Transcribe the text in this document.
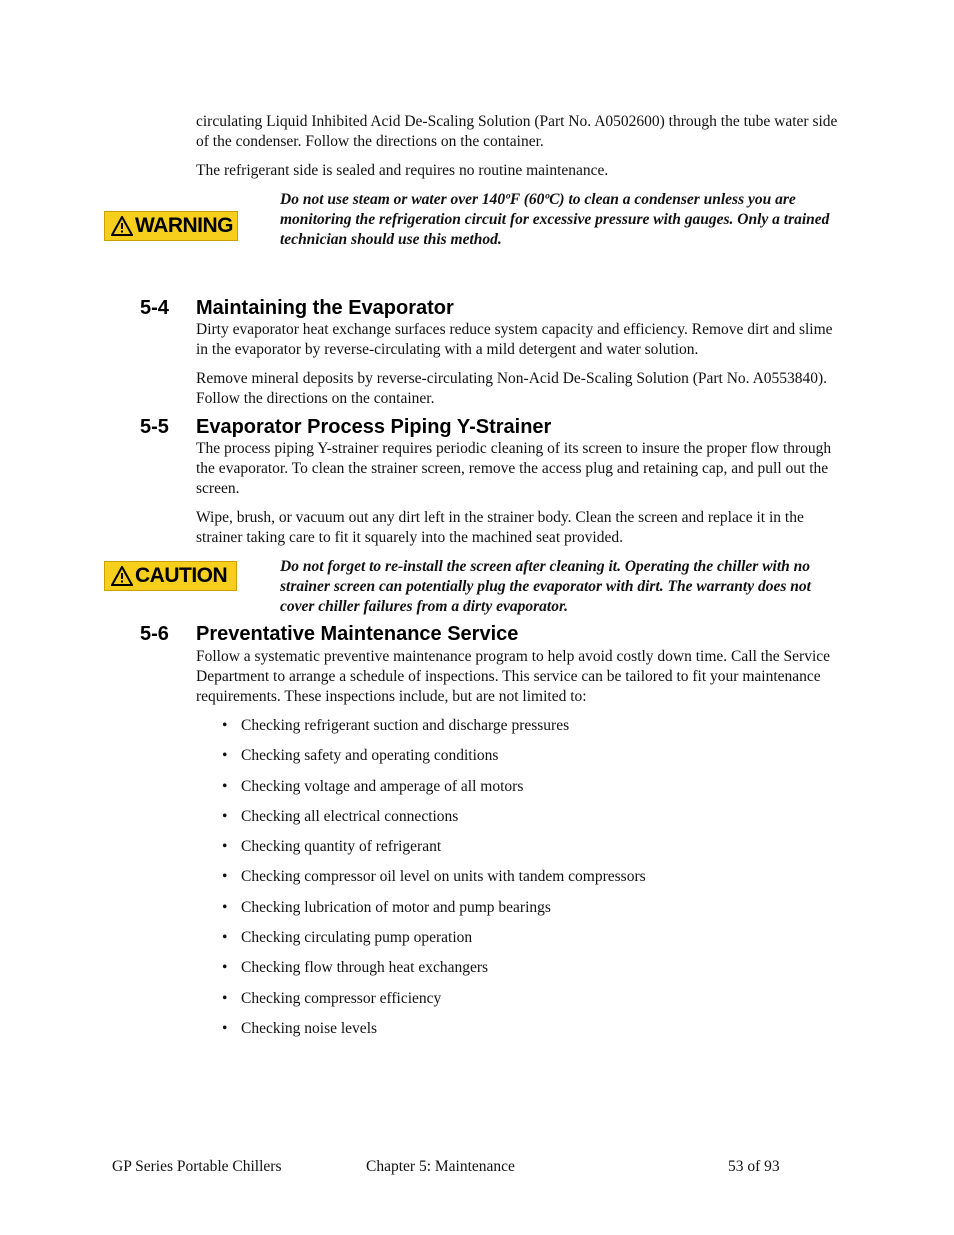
circulating Liquid Inhibited Acid De-Scaling Solution (Part No. A0502600) through the tube water side of the condenser. Follow the directions on the container.

The refrigerant side is sealed and requires no routine maintenance.

WARNING

Do not use steam or water over 140ºF (60ºC) to clean a condenser unless you are monitoring the refrigeration circuit for excessive pressure with gauges. Only a trained technician should use this method.

5-4 Maintaining the Evaporator

Dirty evaporator heat exchange surfaces reduce system capacity and efficiency. Remove dirt and slime in the evaporator by reverse-circulating with a mild detergent and water solution.

Remove mineral deposits by reverse-circulating Non-Acid De-Scaling Solution (Part No. A0553840). Follow the directions on the container.

5-5 Evaporator Process Piping Y-Strainer

The process piping Y-strainer requires periodic cleaning of its screen to insure the proper flow through the evaporator. To clean the strainer screen, remove the access plug and retaining cap, and pull out the screen.

Wipe, brush, or vacuum out any dirt left in the strainer body. Clean the screen and replace it in the strainer taking care to fit it squarely into the machined seat provided.

CAUTION	Do not forget to re-install the screen after cleaning it. Operating the chiller with no strainer screen can potentially plug the evaporator with dirt. The warranty does not cover chiller failures from a dirty evaporator.

5-6 Preventative Maintenance Service

Follow a systematic preventive maintenance program to help avoid costly down time. Call the Service Department to arrange a schedule of inspections. This service can be tailored to fit your maintenance requirements. These inspections include, but are not limited to:

• Checking refrigerant suction and discharge pressures
• Checking safety and operating conditions
• Checking voltage and amperage of all motors
• Checking all electrical connections
• Checking quantity of refrigerant
• Checking compressor oil level on units with tandem compressors
• Checking lubrication of motor and pump bearings
• Checking circulating pump operation
• Checking flow through heat exchangers
• Checking compressor efficiency
• Checking noise levels
GP Series Portable Chillers	Chapter 5: Maintenance	53 of 93
